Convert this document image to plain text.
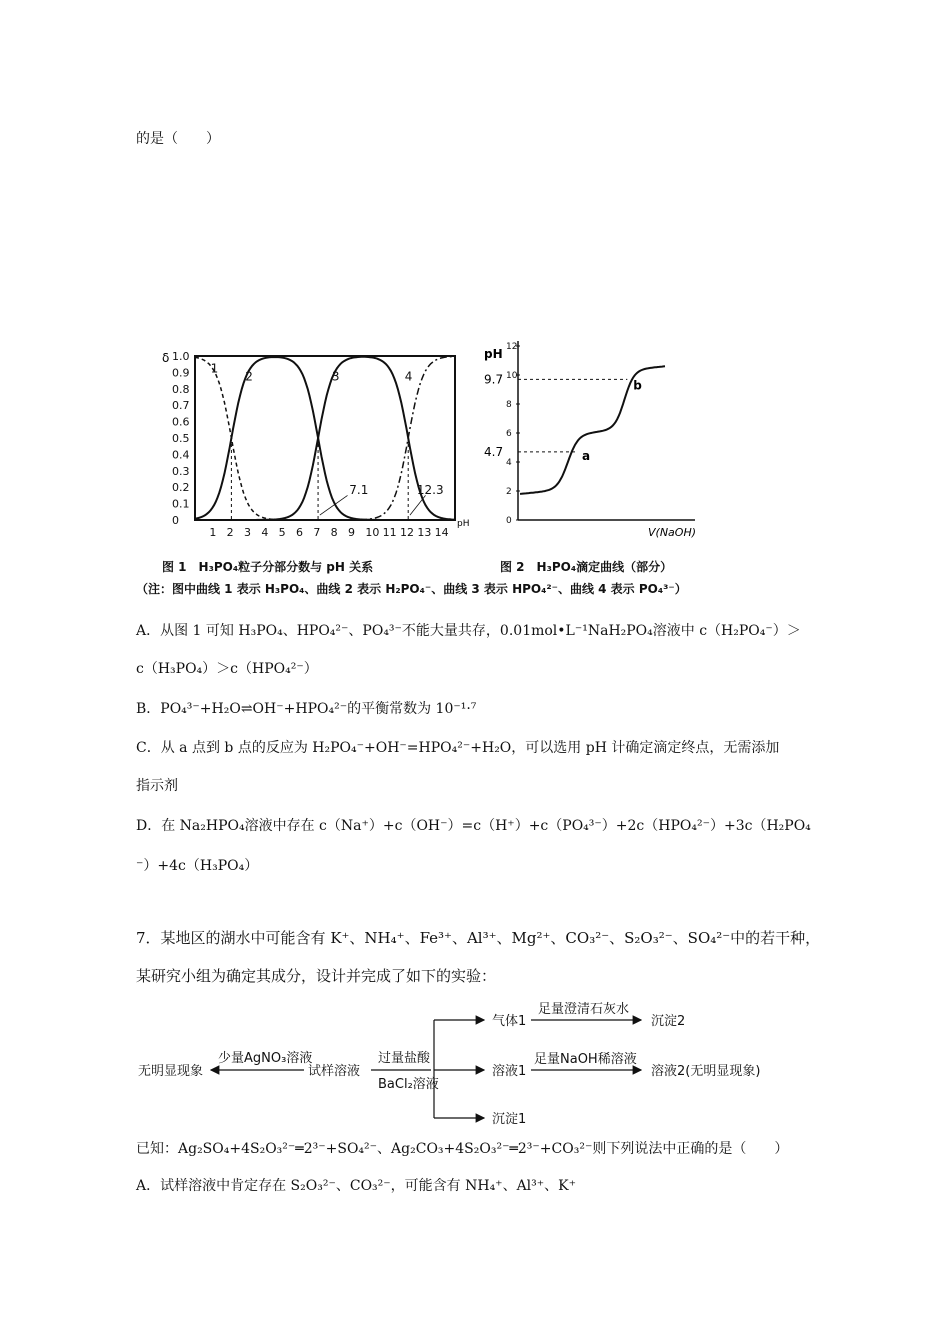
的是（　　）
1.0
0.9
0.8
0.7
0.6
0.5
0.4
0.3
0.2
0.1
0
1 2 3 4 5 6 7 8 9 10 11 12 13 14
δ
pH
1
2	3	4
7.1	12.3
图 1　H₃PO₄粒子分部分数与 pH 关系
12
10
8
6
4
2
0
pH
V(NaOH)
9.7
4.7	a
b
图 2　H₃PO₄滴定曲线（部分）
（注：图中曲线 1 表示 H₃PO₄、曲线 2 表示 H₂PO₄⁻、曲线 3 表示 HPO₄²⁻、曲线 4 表示 PO₄³⁻）
A．从图 1 可知 H₃PO₄、HPO₄²⁻、PO₄³⁻不能大量共存，0.01mol•L⁻¹NaH₂PO₄溶液中 c（H₂PO₄⁻）＞
c（H₃PO₄）＞c（HPO₄²⁻）
B．PO₄³⁻+H₂O⇌OH⁻+HPO₄²⁻的平衡常数为 10⁻¹·⁷
C．从 a 点到 b 点的反应为 H₂PO₄⁻+OH⁻=HPO₄²⁻+H₂O，可以选用 pH 计确定滴定终点，无需添加
指示剂
D．在 Na₂HPO₄溶液中存在 c（Na⁺）+c（OH⁻）=c（H⁺）+c（PO₄³⁻）+2c（HPO₄²⁻）+3c（H₂PO₄
⁻）+4c（H₃PO₄）
7．某地区的湖水中可能含有 K⁺、NH₄⁺、Fe³⁺、Al³⁺、Mg²⁺、CO₃²⁻、S₂O₃²⁻、SO₄²⁻中的若干种，
某研究小组为确定其成分，设计并完成了如下的实验：
无明显现象
少量AgNO₃溶液
试样溶液
过量盐酸
BaCl₂溶液
气体1
足量澄清石灰水
沉淀2
溶液1
足量NaOH稀溶液
溶液2(无明显现象)
沉淀1
已知：Ag₂SO₄+4S₂O₃²⁻═2³⁻+SO₄²⁻、Ag₂CO₃+4S₂O₃²⁻═2³⁻+CO₃²⁻则下列说法中正确的是（　　）
A．试样溶液中肯定存在 S₂O₃²⁻、CO₃²⁻，可能含有 NH₄⁺、Al³⁺、K⁺
